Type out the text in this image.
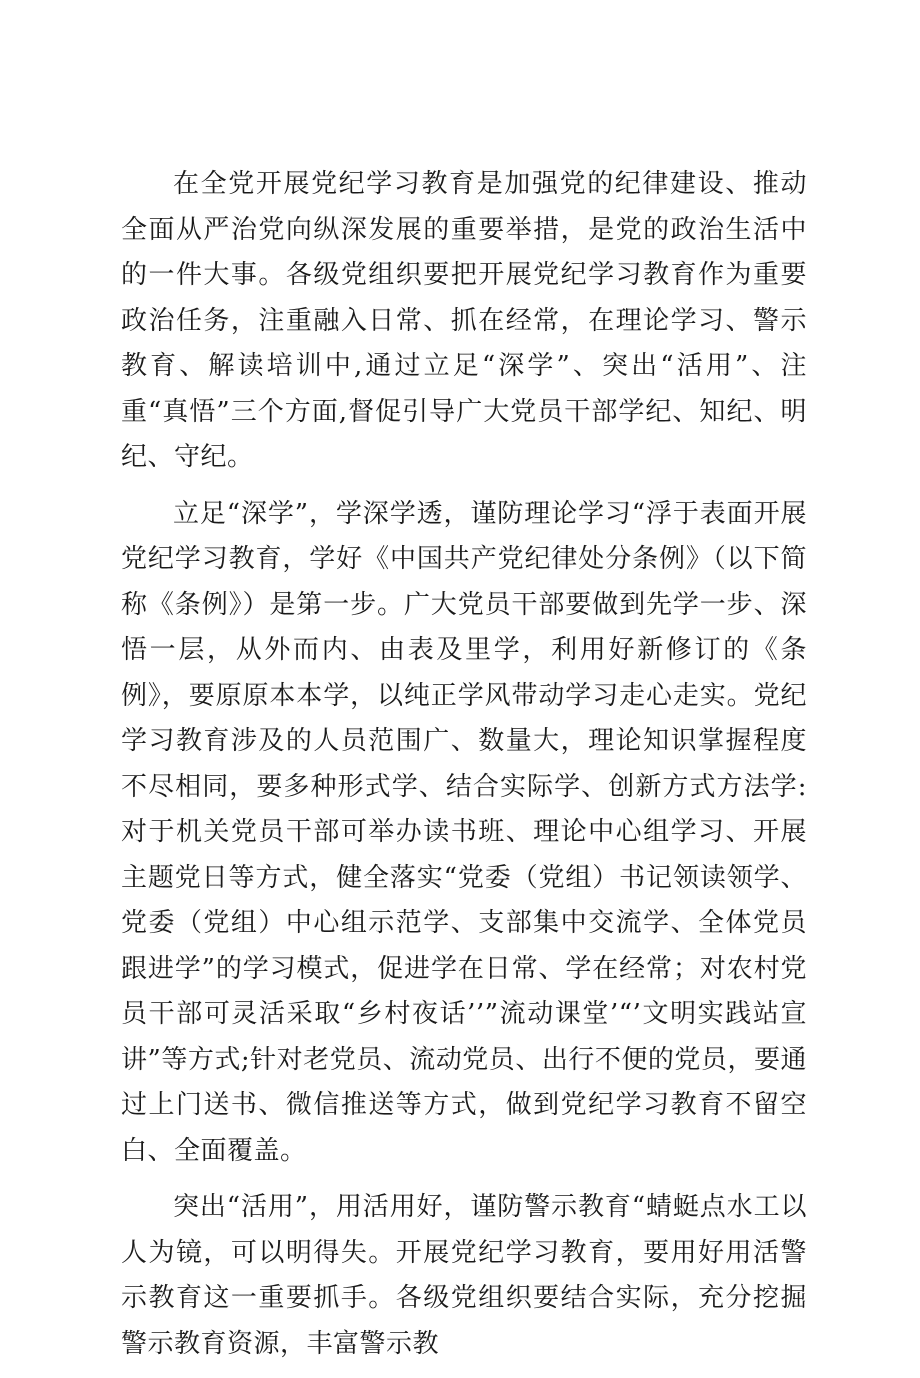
在全党开展党纪学习教育是加强党的纪律建设、推动全面从严治党向纵深发展的重要举措，是党的政治生活中的一件大事。各级党组织要把开展党纪学习教育作为重要政治任务，注重融入日常、抓在经常，在理论学习、警示教育、解读培训中,通过立足“深学”、突出“活用”、注重“真悟”三个方面,督促引导广大党员干部学纪、知纪、明纪、守纪。

立足“深学”，学深学透，谨防理论学习“浮于表面开展党纪学习教育，学好《中国共产党纪律处分条例》（以下简称《条例》）是第一步。广大党员干部要做到先学一步、深悟一层，从外而内、由表及里学，利用好新修订的《条例》，要原原本本学，以纯正学风带动学习走心走实。党纪学习教育涉及的人员范围广、数量大，理论知识掌握程度不尽相同，要多种形式学、结合实际学、创新方式方法学:对于机关党员干部可举办读书班、理论中心组学习、开展主题党日等方式，健全落实“党委（党组）书记领读领学、党委（党组）中心组示范学、支部集中交流学、全体党员跟进学”的学习模式，促进学在日常、学在经常；对农村党员干部可灵活采取“乡村夜话’’”流动课堂’“’文明实践站宣讲”等方式;针对老党员、流动党员、出行不便的党员，要通过上门送书、微信推送等方式，做到党纪学习教育不留空白、全面覆盖。

突出“活用”，用活用好，谨防警示教育“蜻蜓点水工以人为镜，可以明得失。开展党纪学习教育，要用好用活警示教育这一重要抓手。各级党组织要结合实际，充分挖掘警示教育资源，丰富警示教
